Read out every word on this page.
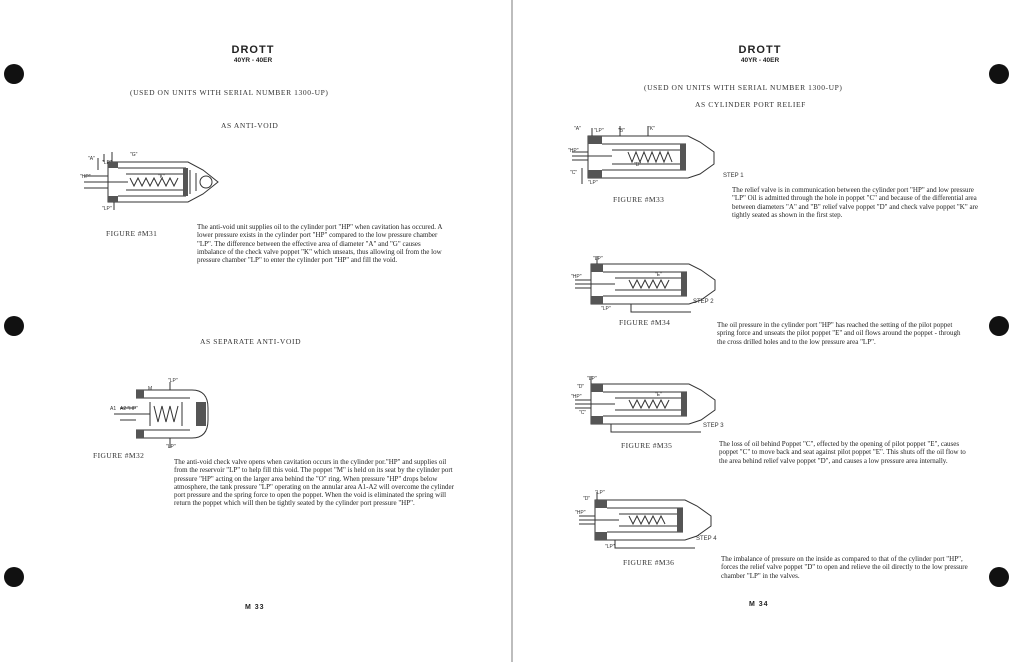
DROTT
40YR - 40ER
(USED ON UNITS WITH SERIAL NUMBER 1300-UP)
AS ANTI-VOID
"A"
"LP"
"G"
"HP"
"LP"
"K"
FIGURE #M31

The anti-void unit supplies oil to the cylinder port "HP" when cavitation has occured. A lower pressure exists in the cylinder port "HP" compared to the low pressure chamber "LP". The difference between the effective area of diameter "A" and "G" causes imbalance of the check valve poppet "K" which unseats, thus allowing oil from the low pressure chamber "LP" to enter the cylinder port "HP" and fill the void.

AS SEPARATE ANTI-VOID
"LP"
M
A1 A2 "HP"
"LP"
FIGURE #M32

The anti-void check valve opens when cavitation occurs in the cylinder por."HP" and supplies oil from the reservoir "LP" to help fill this void. The poppet "M" is held on its seat by the cylinder port pressure "HP" acting on the larger area behind the "O" ring. When pressure "HP" drops below atmosphere, the tank pressure "LP" operating on the annular area A1-A2 will overcome the cylinder port pressure and the spring force to open the poppet. When the void is eliminated the spring will return the poppet which will then be tightly seated by the cylinder port pressure "HP".

M 33
DROTT
40YR - 40ER
(USED ON UNITS WITH SERIAL NUMBER 1300-UP)
AS CYLINDER PORT RELIEF
"A"	"LP"	"B"	"K"
"HP"
"C"
"LP"
"D"
STEP 1
FIGURE #M33

The relief valve is in communication between the cylinder port "HP" and low pressure "LP" Oil is admitted through the hole in poppet "C" and because of the differential area between diameters "A" and "B" relief valve poppet "D" and check valve poppet "K" are tightly seated as shown in the first step.

"LP"
"HP"
"LP"
"E"
STEP 2
FIGURE #M34	The oil pressure in the cylinder port "HP" has reached the setting of the pilot poppet spring force and unseats the pilot poppet "E" and oil flows around the poppet - through the cross drilled holes and to the low pressure area "LP".

"D"
"LP"
"HP"
"C"
"E"
STEP 3
FIGURE #M35	The loss of oil behind Poppet "C", effected by the opening of pilot poppet "E", causes poppet "C" to move back and seat against pilot poppet "E". This shuts off the oil flow to the area behind relief valve poppet "D", and causes a low pressure area internally.

"D"
"LP"
"HP"
"LP"
STEP 4
FIGURE #M36	The imbalance of pressure on the inside as compared to that of the cylinder port "HP", forces the relief valve poppet "D" to open and relieve the oil directly to the low pressure chamber "LP" in the valves.

M 34
